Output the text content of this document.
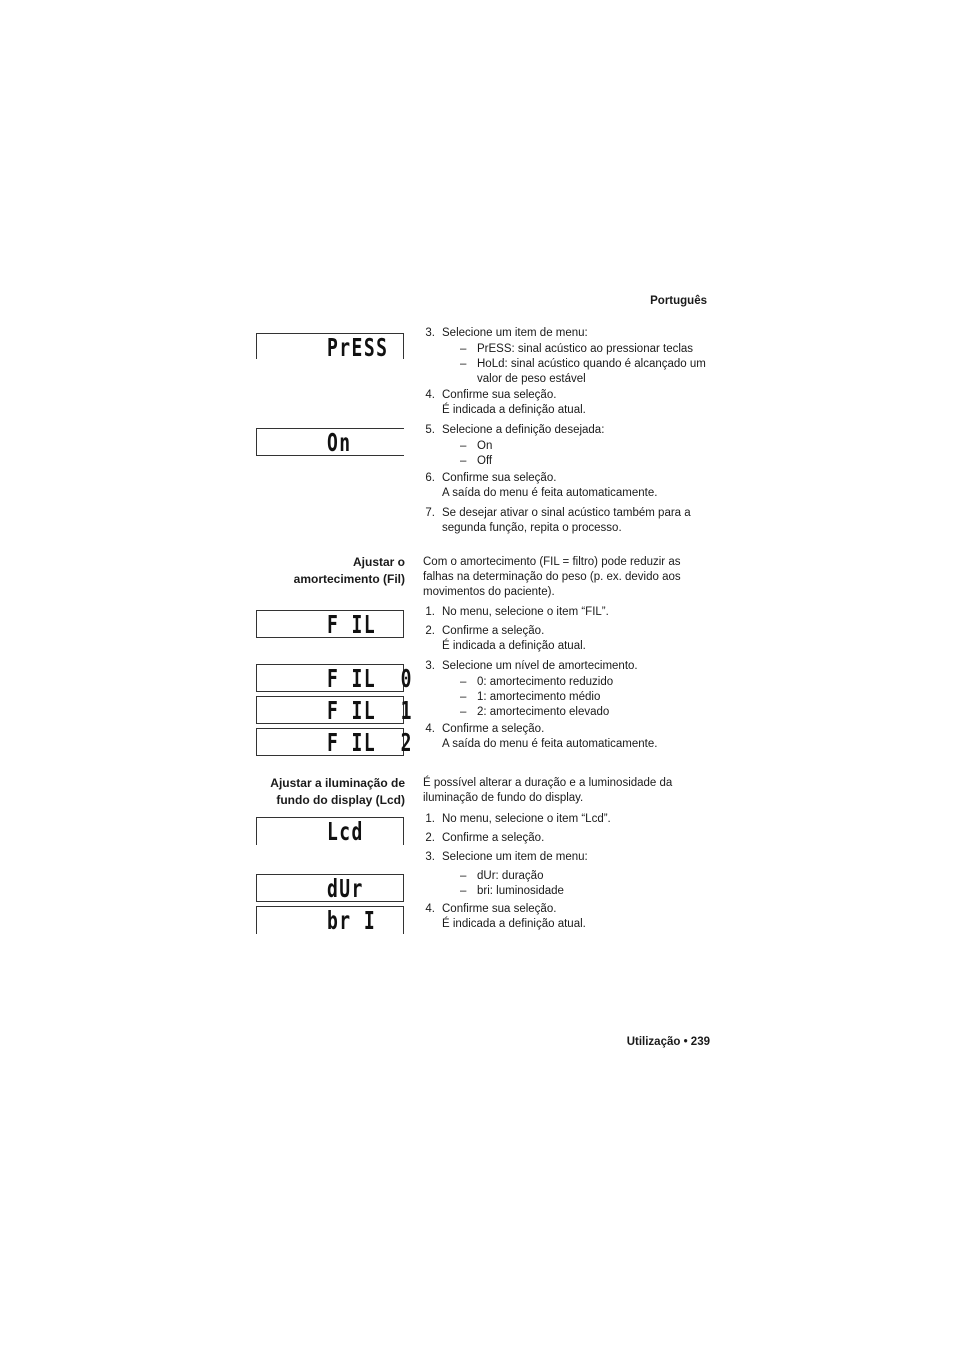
Português
Utilização • 239
PrESS
On
F IL
F IL  0
F IL  1
F IL  2
Lcd
dUr
br I
3. Selecione um item de menu:
– PrESS: sinal acústico ao pressionar teclas
– HoLd: sinal acústico quando é alcançado um
valor de peso estável
4. Confirme sua seleção.
É indicada a definição atual.
5. Selecione a definição desejada:
– On
– Off
6. Confirme sua seleção.
A saída do menu é feita automaticamente.
7. Se desejar ativar o sinal acústico também para a
segunda função, repita o processo.
Ajustar o
amortecimento (Fil)
Com o amortecimento (FIL = filtro) pode reduzir as
falhas na determinação do peso (p. ex. devido aos
movimentos do paciente).
1. No menu, selecione o item “FIL”.
2. Confirme a seleção.
É indicada a definição atual.
3. Selecione um nível de amortecimento.
– 0: amortecimento reduzido
– 1: amortecimento médio
– 2: amortecimento elevado
4. Confirme a seleção.
A saída do menu é feita automaticamente.
Ajustar a iluminação de
fundo do display (Lcd)
É possível alterar a duração e a luminosidade da
iluminação de fundo do display.
1. No menu, selecione o item “Lcd”.
2. Confirme a seleção.
3. Selecione um item de menu:
– dUr: duração
– bri: luminosidade
4. Confirme sua seleção.
É indicada a definição atual.
